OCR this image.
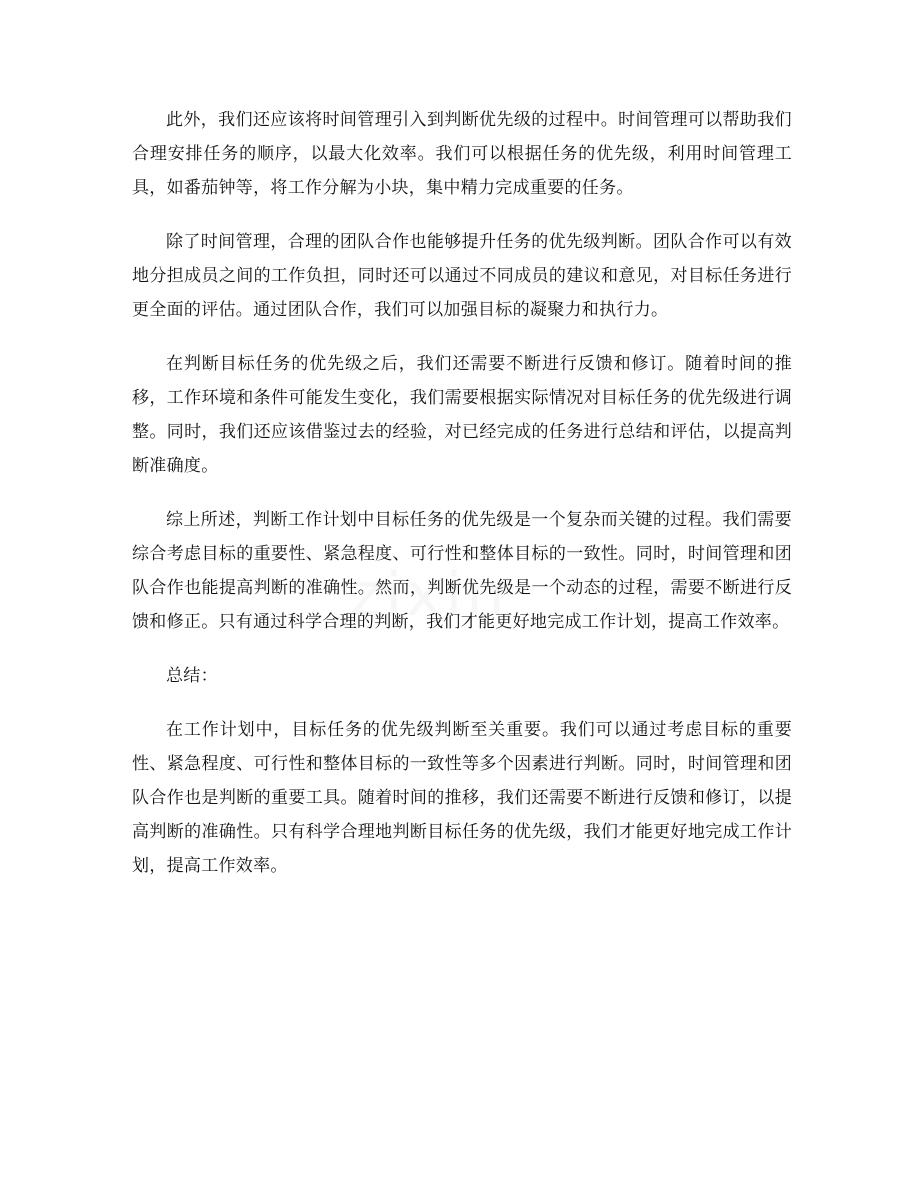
zixin

此外，我们还应该将时间管理引入到判断优先级的过程中。时间管理可以帮助我们合理安排任务的顺序，以最大化效率。我们可以根据任务的优先级，利用时间管理工具，如番茄钟等，将工作分解为小块，集中精力完成重要的任务。

除了时间管理，合理的团队合作也能够提升任务的优先级判断。团队合作可以有效地分担成员之间的工作负担，同时还可以通过不同成员的建议和意见，对目标任务进行更全面的评估。通过团队合作，我们可以加强目标的凝聚力和执行力。

在判断目标任务的优先级之后，我们还需要不断进行反馈和修订。随着时间的推移，工作环境和条件可能发生变化，我们需要根据实际情况对目标任务的优先级进行调整。同时，我们还应该借鉴过去的经验，对已经完成的任务进行总结和评估，以提高判断准确度。

综上所述，判断工作计划中目标任务的优先级是一个复杂而关键的过程。我们需要综合考虑目标的重要性、紧急程度、可行性和整体目标的一致性。同时，时间管理和团队合作也能提高判断的准确性。然而，判断优先级是一个动态的过程，需要不断进行反馈和修正。只有通过科学合理的判断，我们才能更好地完成工作计划，提高工作效率。

总结：

在工作计划中，目标任务的优先级判断至关重要。我们可以通过考虑目标的重要性、紧急程度、可行性和整体目标的一致性等多个因素进行判断。同时，时间管理和团队合作也是判断的重要工具。随着时间的推移，我们还需要不断进行反馈和修订，以提高判断的准确性。只有科学合理地判断目标任务的优先级，我们才能更好地完成工作计划，提高工作效率。
